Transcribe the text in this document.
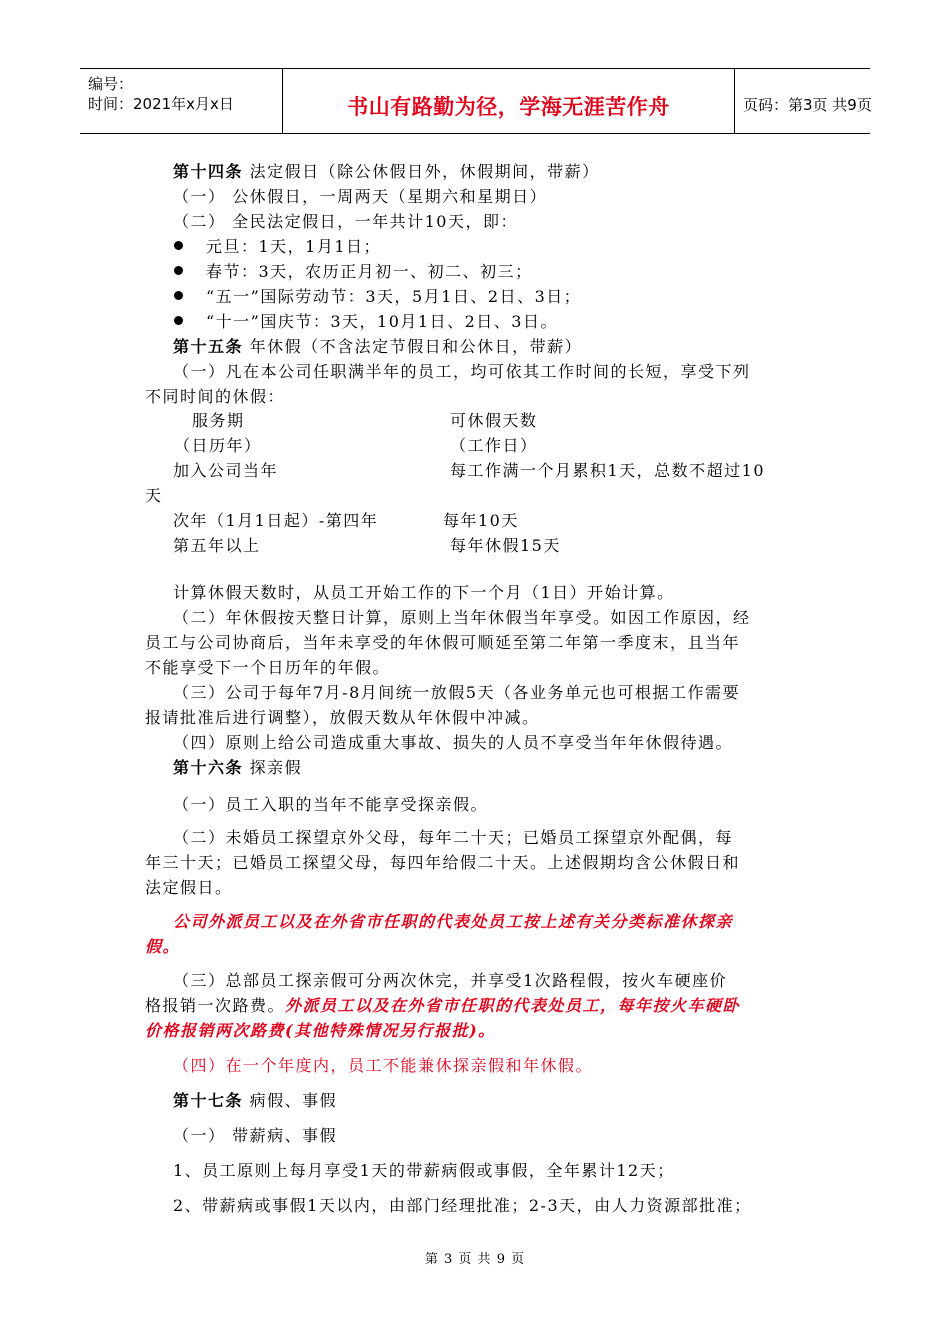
编号：
时间：2021年x月x日	书山有路勤为径，学海无涯苦作舟	页码：第3页 共9页
第十四条 法定假日（除公休假日外，休假期间，带薪）
（一） 公休假日，一周两天（星期六和星期日）
（二） 全民法定假日，一年共计10天，即：
元旦：1天，1月1日；
春节：3天，农历正月初一、初二、初三；
“五一”国际劳动节：3天，5月1日、2日、3日；
“十一”国庆节：3天，10月1日、2日、3日。
第十五条 年休假（不含法定节假日和公休日，带薪）
（一）凡在本公司任职满半年的员工，均可依其工作时间的长短，享受下列
不同时间的休假：
服务期	可休假天数
（日历年）	（工作日）
加入公司当年	每工作满一个月累积1天，总数不超过10
天
次年（1月1日起）-第四年	每年10天
第五年以上	每年休假15天
计算休假天数时，从员工开始工作的下一个月（1日）开始计算。
（二）年休假按天整日计算，原则上当年休假当年享受。如因工作原因，经
员工与公司协商后，当年未享受的年休假可顺延至第二年第一季度末，且当年
不能享受下一个日历年的年假。
（三）公司于每年7月-8月间统一放假5天（各业务单元也可根据工作需要
报请批准后进行调整），放假天数从年休假中冲减。
（四）原则上给公司造成重大事故、损失的人员不享受当年年休假待遇。
第十六条 探亲假
（一）员工入职的当年不能享受探亲假。
（二）未婚员工探望京外父母，每年二十天；已婚员工探望京外配偶，每
年三十天；已婚员工探望父母，每四年给假二十天。上述假期均含公休假日和
法定假日。
公司外派员工以及在外省市任职的代表处员工按上述有关分类标准休探亲
假。
（三）总部员工探亲假可分两次休完，并享受1次路程假，按火车硬座价
格报销一次路费。外派员工以及在外省市任职的代表处员工，每年按火车硬卧
价格报销两次路费(其他特殊情况另行报批)。
（四）在一个年度内，员工不能兼休探亲假和年休假。
第十七条 病假、事假
（一） 带薪病、事假
1、员工原则上每月享受1天的带薪病假或事假，全年累计12天；
2、带薪病或事假1天以内，由部门经理批准；2-3天，由人力资源部批准；
第 3 页 共 9 页
